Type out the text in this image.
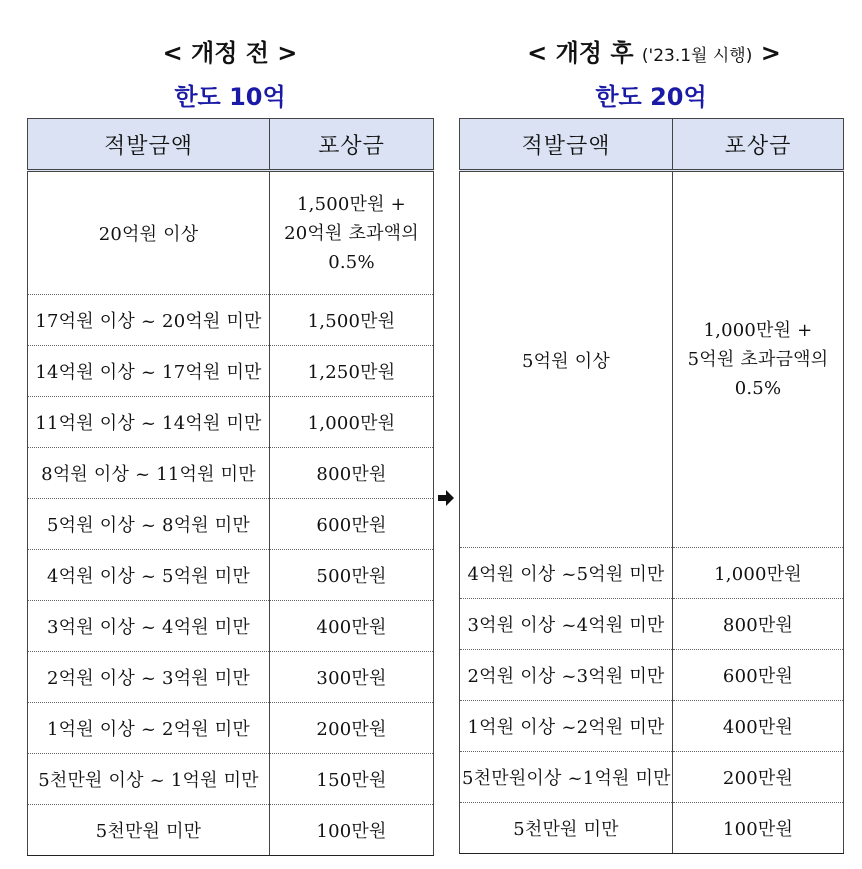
< 개정 전 >
한도 10억
적발금액	포상금
20억원 이상	1,500만원 +
20억원 초과액의
0.5%

17억원 이상 ~ 20억원 미만	1,500만원
14억원 이상 ~ 17억원 미만	1,250만원
11억원 이상 ~ 14억원 미만	1,000만원
8억원 이상 ~ 11억원 미만	800만원
5억원 이상 ~ 8억원 미만	600만원
4억원 이상 ~ 5억원 미만	500만원
3억원 이상 ~ 4억원 미만	400만원
2억원 이상 ~ 3억원 미만	300만원
1억원 이상 ~ 2억원 미만	200만원
5천만원 이상 ~ 1억원 미만	150만원
5천만원 미만	100만원
< 개정 후 ('23.1월 시행) >
한도 20억
적발금액	포상금
5억원 이상	1,000만원 +
5억원 초과금액의
0.5%

4억원 이상 ~5억원 미만	1,000만원
3억원 이상 ~4억원 미만	800만원
2억원 이상 ~3억원 미만	600만원
1억원 이상 ~2억원 미만	400만원
5천만원이상 ~1억원 미만	200만원
5천만원 미만	100만원
